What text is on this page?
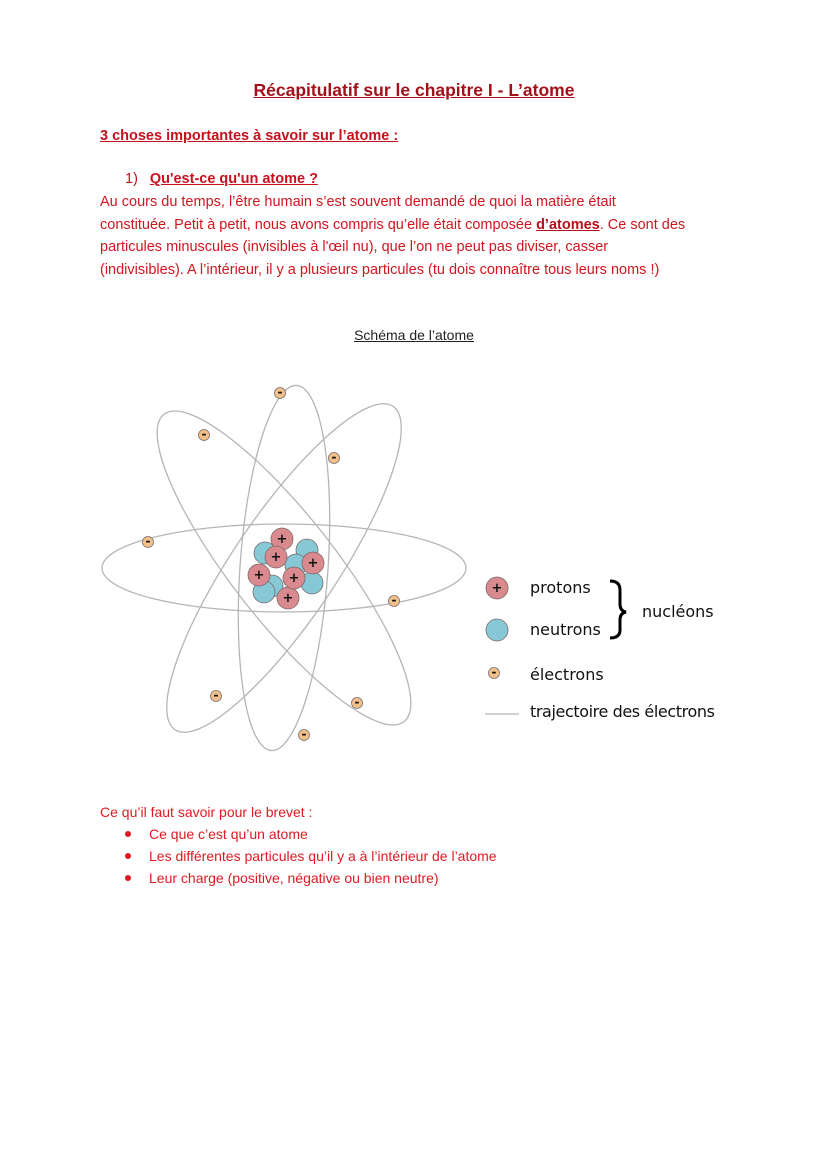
Récapitulatif sur le chapitre I - L’atome
3 choses importantes à savoir sur l’atome :
1) Qu'est-ce qu'un atome ?
Au cours du temps, l’être humain s’est souvent demandé de quoi la matière était
constituée. Petit à petit, nous avons compris qu’elle était composée d’atomes. Ce sont des
particules minuscules (invisibles à l'œil nu), que l’on ne peut pas diviser, casser
(indivisibles). A l’intérieur, il y a plusieurs particules (tu dois connaître tous leurs noms !)
Schéma de l’atome
+
+
+
+
+
+
-
-
-
-
-
-	-
-
+
-
protons
neutrons
nucléons
électrons
trajectoire des électrons
Ce qu’il faut savoir pour le brevet :
Ce que c’est qu’un atome
Les différentes particules qu’il y a à l’intérieur de l’atome
Leur charge (positive, négative ou bien neutre)
